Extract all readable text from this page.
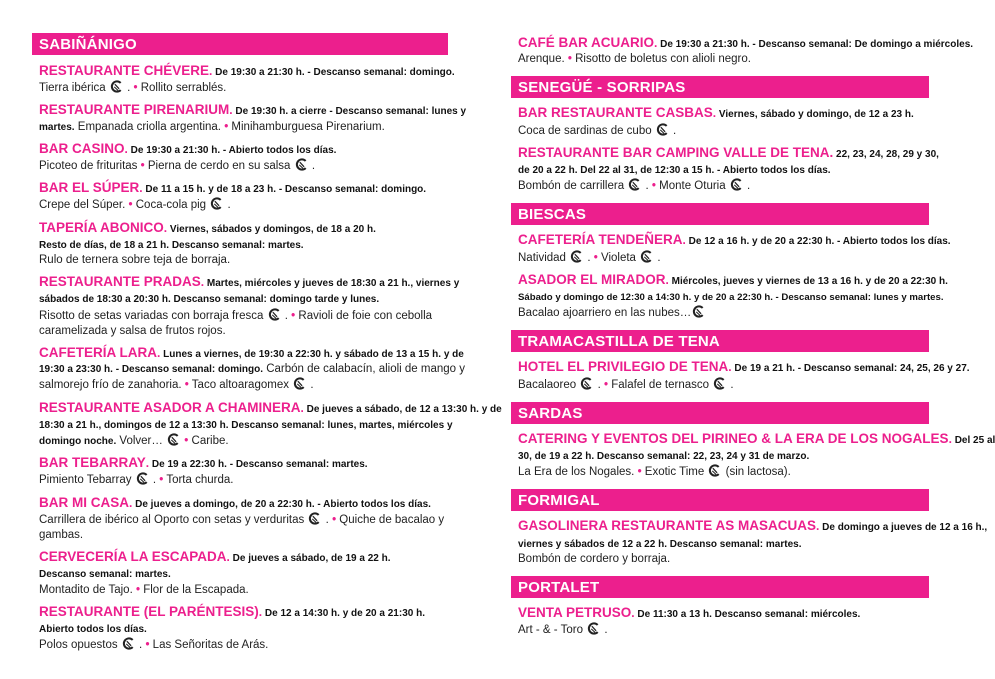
SABIÑÁNIGO
RESTAURANTE CHÉVERE. De 19:30 a 21:30 h. - Descanso semanal: domingo.
Tierra ibérica  . • Rollito serrablés.
RESTAURANTE PIRENARIUM. De 19:30 h. a cierre - Descanso semanal: lunes y
martes. Empanada criolla argentina. • Minihamburguesa Pirenarium.
BAR CASINO. De 19:30 a 21:30 h. - Abierto todos los días.
Picoteo de frituritas • Pierna de cerdo en su salsa  .
BAR EL SÚPER. De 11 a 15 h. y de 18 a 23 h. - Descanso semanal: domingo.
Crepe del Súper. • Coca-cola pig  .
TAPERÍA ABONICO. Viernes, sábados y domingos, de 18 a 20 h.
Resto de días, de 18 a 21 h. Descanso semanal: martes.
Rulo de ternera sobre teja de borraja.
RESTAURANTE PRADAS. Martes, miércoles y jueves de 18:30 a 21 h., viernes y
sábados de 18:30 a 20:30 h. Descanso semanal: domingo tarde y lunes.
Risotto de setas variadas con borraja fresca  . • Ravioli de foie con cebolla
caramelizada y salsa de frutos rojos.
CAFETERÍA LARA. Lunes a viernes, de 19:30 a 22:30 h. y sábado de 13 a 15 h. y de
19:30 a 23:30 h. - Descanso semanal: domingo. Carbón de calabacín, alioli de mango y
salmorejo frío de zanahoria. • Taco altoaragomex  .
RESTAURANTE ASADOR A CHAMINERA. De jueves a sábado, de 12 a 13:30 h. y de
18:30 a 21 h., domingos de 12 a 13:30 h. Descanso semanal: lunes, martes, miércoles y
domingo noche. Volver… • Caribe.
BAR TEBARRAY. De 19 a 22:30 h. - Descanso semanal: martes.
Pimiento Tebarray  . • Torta churda.
BAR MI CASA. De jueves a domingo, de 20 a 22:30 h. - Abierto todos los días.
Carrillera de ibérico al Oporto con setas y verduritas  . • Quiche de bacalao y
gambas.
CERVECERÍA LA ESCAPADA. De jueves a sábado, de 19 a 22 h.
Descanso semanal: martes.
Montadito de Tajo. • Flor de la Escapada.
RESTAURANTE (EL PARÉNTESIS). De 12 a 14:30 h. y de 20 a 21:30 h.
Abierto todos los días.
Polos opuestos  . • Las Señoritas de Arás.
CAFÉ BAR ACUARIO. De 19:30 a 21:30 h. - Descanso semanal: De domingo a miércoles.
Arenque. • Risotto de boletus con alioli negro.
SENEGÜÉ - SORRIPAS
BAR RESTAURANTE CASBAS. Viernes, sábado y domingo, de 12 a 23 h.
Coca de sardinas de cubo  .
RESTAURANTE BAR CAMPING VALLE DE TENA. 22, 23, 24, 28, 29 y 30,
de 20 a 22 h. Del 22 al 31, de 12:30 a 15 h. - Abierto todos los días.
Bombón de carrillera  . • Monte Oturia  .
BIESCAS
CAFETERÍA TENDEÑERA. De 12 a 16 h. y de 20 a 22:30 h. - Abierto todos los días.
Natividad  . • Violeta  .
ASADOR EL MIRADOR. Miércoles, jueves y viernes de 13 a 16 h. y de 20 a 22:30 h.
Sábado y domingo de 12:30 a 14:30 h. y de 20 a 22:30 h. - Descanso semanal: lunes y martes.
Bacalao ajoarriero en las nubes…
TRAMACASTILLA DE TENA
HOTEL EL PRIVILEGIO DE TENA. De 19 a 21 h. - Descanso semanal: 24, 25, 26 y 27.
Bacalaoreo  . • Falafel de ternasco  .
SARDAS
CATERING Y EVENTOS DEL PIRINEO & LA ERA DE LOS NOGALES. Del 25 al
30, de 19 a 22 h. Descanso semanal: 22, 23, 24 y 31 de marzo.
La Era de los Nogales. • Exotic Time (sin lactosa).
FORMIGAL
GASOLINERA RESTAURANTE AS MASACUAS. De domingo a jueves de 12 a 16 h.,
viernes y sábados de 12 a 22 h. Descanso semanal: martes.
Bombón de cordero y borraja.
PORTALET
VENTA PETRUSO. De 11:30 a 13 h. Descanso semanal: miércoles.
Art - & - Toro  .
